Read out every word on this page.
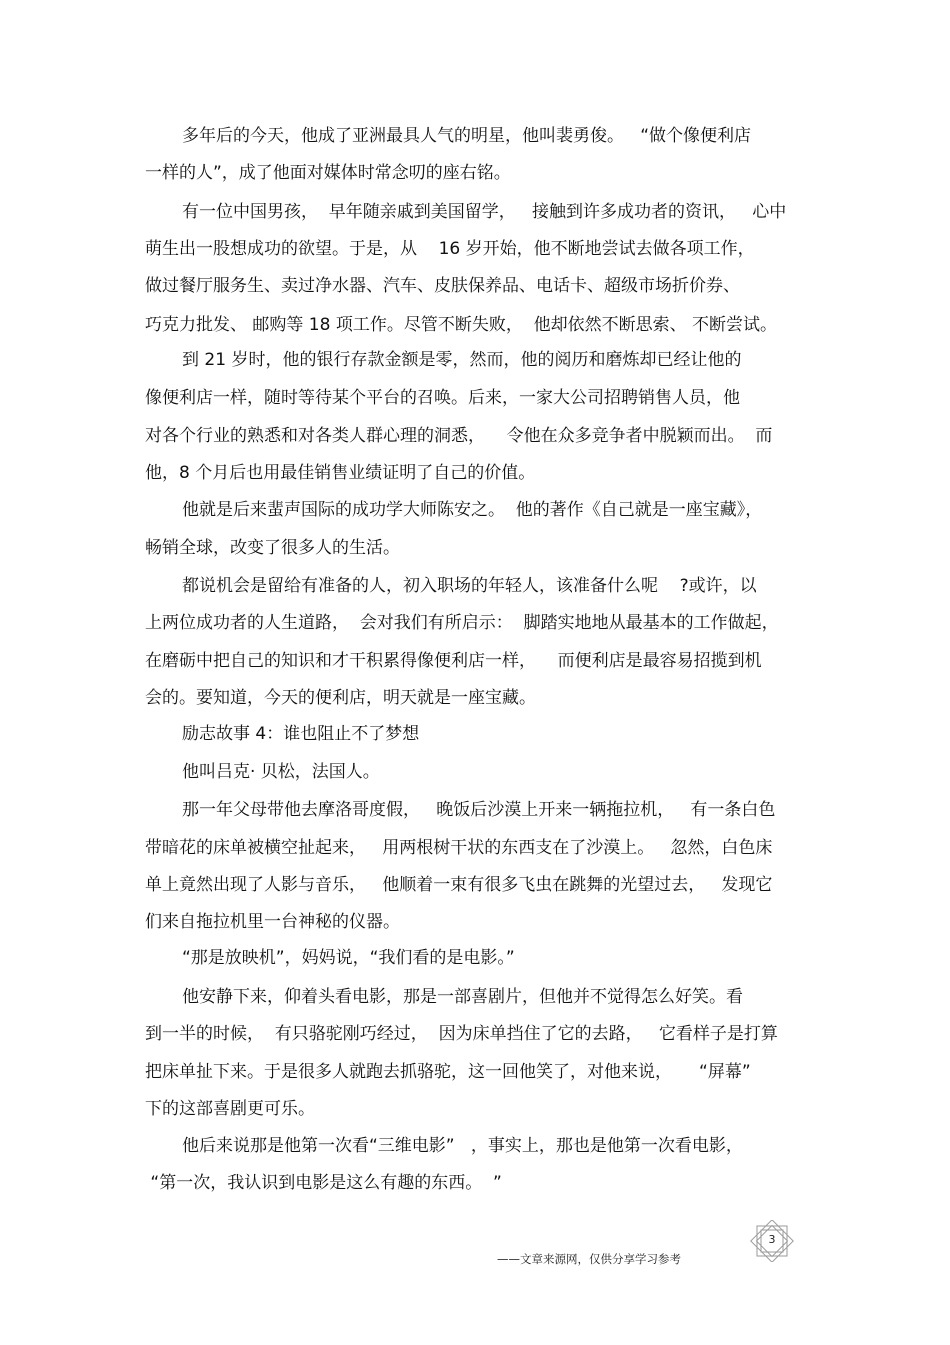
多年后的今天，他成了亚洲最具人气的明星，他叫裴勇俊。   “做个像便利店
一样的人”，成了他面对媒体时常念叨的座右铭。
有一位中国男孩，  早年随亲戚到美国留学，   接触到许多成功者的资讯，   心中
萌生出一股想成功的欲望。于是，从    16 岁开始，他不断地尝试去做各项工作，
做过餐厅服务生、卖过净水器、汽车、皮肤保养品、电话卡、超级市场折价券、
巧克力批发、 邮购等 18 项工作。尽管不断失败，  他却依然不断思索、 不断尝试。
到 21 岁时，他的银行存款金额是零，然而，他的阅历和磨炼却已经让他的
像便利店一样，随时等待某个平台的召唤。后来，一家大公司招聘销售人员，他
对各个行业的熟悉和对各类人群心理的洞悉，    令他在众多竞争者中脱颖而出。  而
他，8 个月后也用最佳销售业绩证明了自己的价值。
他就是后来蜚声国际的成功学大师陈安之。  他的著作《自己就是一座宝藏》，
畅销全球，改变了很多人的生活。
都说机会是留给有准备的人，初入职场的年轻人，该准备什么呢    ?或许，以
上两位成功者的人生道路，  会对我们有所启示：  脚踏实地地从最基本的工作做起，
在磨砺中把自己的知识和才干积累得像便利店一样，    而便利店是最容易招揽到机
会的。要知道，今天的便利店，明天就是一座宝藏。
励志故事 4：谁也阻止不了梦想
他叫吕克· 贝松，法国人。
那一年父母带他去摩洛哥度假，   晚饭后沙漠上开来一辆拖拉机，   有一条白色
带暗花的床单被横空扯起来，   用两根树干状的东西支在了沙漠上。   忽然，白色床
单上竟然出现了人影与音乐，   他顺着一束有很多飞虫在跳舞的光望过去，   发现它
们来自拖拉机里一台神秘的仪器。
“那是放映机”，妈妈说，“我们看的是电影。”
他安静下来，仰着头看电影，那是一部喜剧片，但他并不觉得怎么好笑。看
到一半的时候，  有只骆驼刚巧经过，  因为床单挡住了它的去路，   它看样子是打算
把床单扯下来。于是很多人就跑去抓骆驼，这一回他笑了，对他来说，     “屏幕”
下的这部喜剧更可乐。
他后来说那是他第一次看“三维电影”   ，事实上，那也是他第一次看电影，
“第一次，我认识到电影是这么有趣的东西。  ”
——文章来源网，仅供分享学习参考
3
